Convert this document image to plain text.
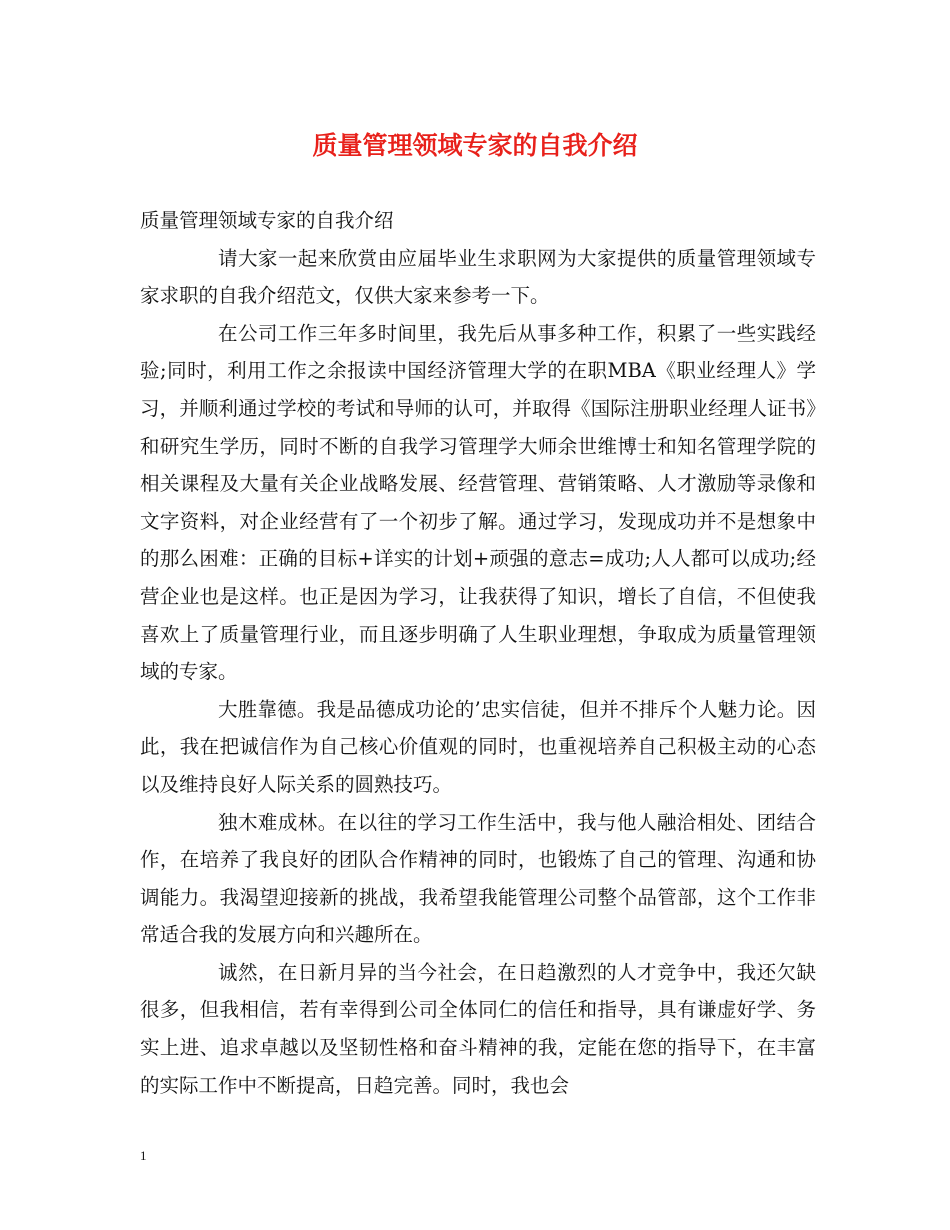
质量管理领域专家的自我介绍

质量管理领域专家的自我介绍

请大家一起来欣赏由应届毕业生求职网为大家提供的质量管理领域专家求职的自我介绍范文，仅供大家来参考一下。

在公司工作三年多时间里，我先后从事多种工作，积累了一些实践经验;同时，利用工作之余报读中国经济管理大学的在职MBA《职业经理人》学习，并顺利通过学校的考试和导师的认可，并取得《国际注册职业经理人证书》和研究生学历，同时不断的自我学习管理学大师余世维博士和知名管理学院的相关课程及大量有关企业战略发展、经营管理、营销策略、人才激励等录像和文字资料，对企业经营有了一个初步了解。通过学习，发现成功并不是想象中的那么困难：正确的目标+详实的计划+顽强的意志=成功;人人都可以成功;经营企业也是这样。也正是因为学习，让我获得了知识，增长了自信，不但使我喜欢上了质量管理行业，而且逐步明确了人生职业理想，争取成为质量管理领域的专家。

大胜靠德。我是品德成功论的’忠实信徒，但并不排斥个人魅力论。因此，我在把诚信作为自己核心价值观的同时，也重视培养自己积极主动的心态以及维持良好人际关系的圆熟技巧。

独木难成林。在以往的学习工作生活中，我与他人融洽相处、团结合作，在培养了我良好的团队合作精神的同时，也锻炼了自己的管理、沟通和协调能力。我渴望迎接新的挑战，我希望我能管理公司整个品管部，这个工作非常适合我的发展方向和兴趣所在。

诚然，在日新月异的当今社会，在日趋激烈的人才竞争中，我还欠缺很多，但我相信，若有幸得到公司全体同仁的信任和指导，具有谦虚好学、务实上进、追求卓越以及坚韧性格和奋斗精神的我，定能在您的指导下，在丰富的实际工作中不断提高，日趋完善。同时，我也会

1
